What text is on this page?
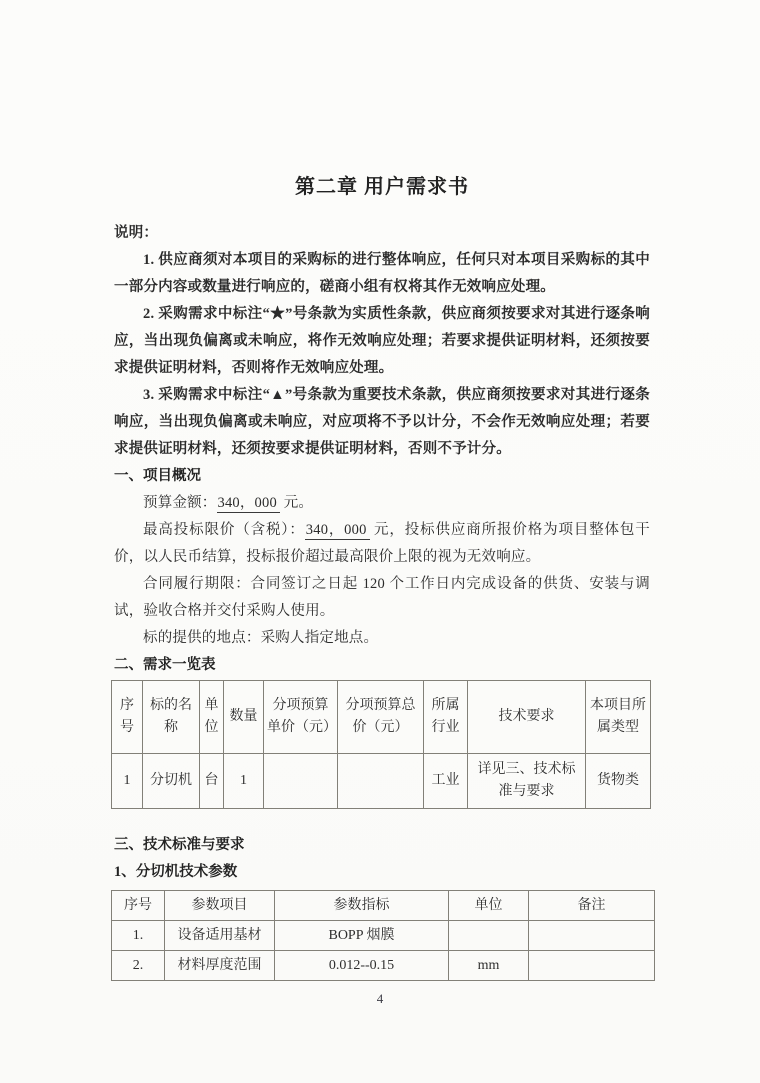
第二章 用户需求书

说明：

1. 供应商须对本项目的采购标的进行整体响应，任何只对本项目采购标的其中一部分内容或数量进行响应的，磋商小组有权将其作无效响应处理。

2. 采购需求中标注“★”号条款为实质性条款，供应商须按要求对其进行逐条响应，当出现负偏离或未响应，将作无效响应处理；若要求提供证明材料，还须按要求提供证明材料，否则将作无效响应处理。

3. 采购需求中标注“▲”号条款为重要技术条款，供应商须按要求对其进行逐条响应，当出现负偏离或未响应，对应项将不予以计分，不会作无效响应处理；若要求提供证明材料，还须按要求提供证明材料，否则不予计分。

一、项目概况

预算金额：340，000 元。

最高投标限价（含税）：340，000 元，投标供应商所报价格为项目整体包干价，以人民币结算，投标报价超过最高限价上限的视为无效响应。

合同履行期限：合同签订之日起 120 个工作日内完成设备的供货、安装与调试，验收合格并交付采购人使用。

标的提供的地点：采购人指定地点。

二、需求一览表

序号	标的名称	单位	数量	分项预算单价（元）	分项预算总价（元）	所属行业	技术要求	本项目所属类型
1	分切机	台	1			工业	详见三、技术标准与要求	货物类

三、技术标准与要求

1、分切机技术参数

序号	参数项目	参数指标	单位	备注
1.	设备适用基材	BOPP 烟膜		
2.	材料厚度范围	0.012--0.15	mm	
4
